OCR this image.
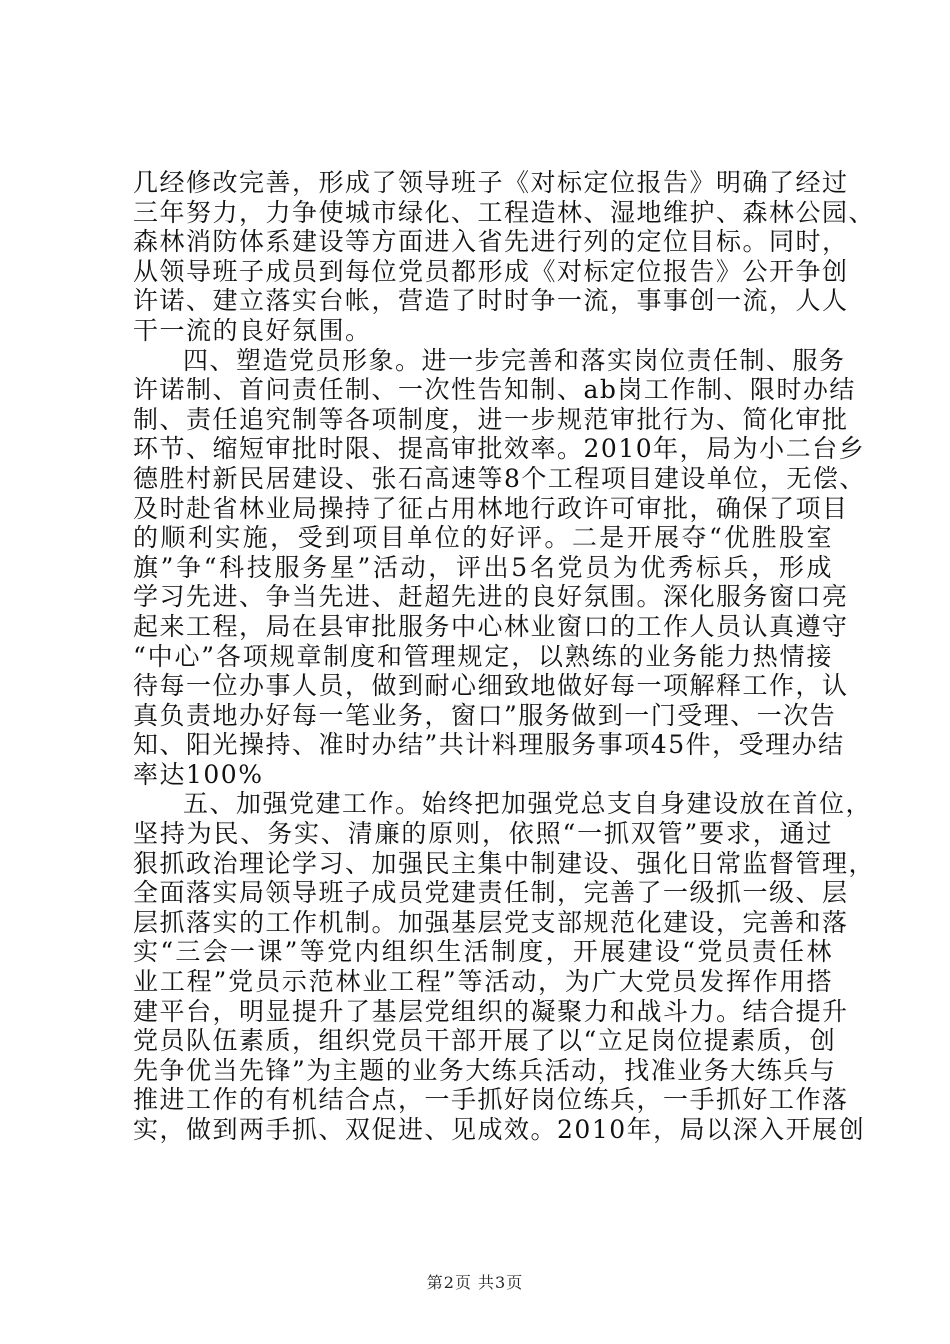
几经修改完善，形成了领导班子《对标定位报告》明确了经过
三年努力，力争使城市绿化、工程造林、湿地维护、森林公园、
森林消防体系建设等方面进入省先进行列的定位目标。同时，
从领导班子成员到每位党员都形成《对标定位报告》公开争创
许诺、建立落实台帐，营造了时时争一流，事事创一流，人人
干一流的良好氛围。
四、塑造党员形象。进一步完善和落实岗位责任制、服务
许诺制、首问责任制、一次性告知制、ab岗工作制、限时办结
制、责任追究制等各项制度，进一步规范审批行为、简化审批
环节、缩短审批时限、提高审批效率。2010年，局为小二台乡
德胜村新民居建设、张石高速等8个工程项目建设单位，无偿、
及时赴省林业局操持了征占用林地行政许可审批，确保了项目
的顺利实施，受到项目单位的好评。二是开展夺“优胜股室
旗”争“科技服务星”活动，评出5名党员为优秀标兵，形成
学习先进、争当先进、赶超先进的良好氛围。深化服务窗口亮
起来工程，局在县审批服务中心林业窗口的工作人员认真遵守
“中心”各项规章制度和管理规定，以熟练的业务能力热情接
待每一位办事人员，做到耐心细致地做好每一项解释工作，认
真负责地办好每一笔业务，窗口”服务做到一门受理、一次告
知、阳光操持、准时办结”共计料理服务事项45件，受理办结
率达100%
五、加强党建工作。始终把加强党总支自身建设放在首位，
坚持为民、务实、清廉的原则，依照“一抓双管”要求，通过
狠抓政治理论学习、加强民主集中制建设、强化日常监督管理，
全面落实局领导班子成员党建责任制，完善了一级抓一级、层
层抓落实的工作机制。加强基层党支部规范化建设，完善和落
实“三会一课”等党内组织生活制度，开展建设“党员责任林
业工程”党员示范林业工程”等活动，为广大党员发挥作用搭
建平台，明显提升了基层党组织的凝聚力和战斗力。结合提升
党员队伍素质，组织党员干部开展了以“立足岗位提素质，创
先争优当先锋”为主题的业务大练兵活动，找准业务大练兵与
推进工作的有机结合点，一手抓好岗位练兵，一手抓好工作落
实，做到两手抓、双促进、见成效。2010年，局以深入开展创
第2页 共3页
